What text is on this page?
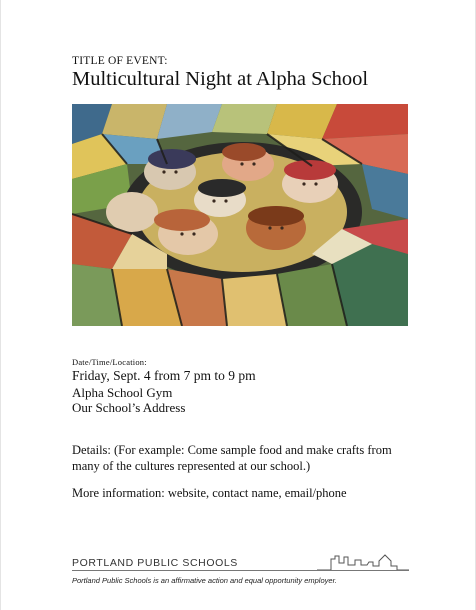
TITLE OF EVENT:
Multicultural Night at Alpha School
Date/Time/Location:
Friday, Sept. 4 from 7 pm to 9 pm
Alpha School Gym
Our School’s Address
Details: (For example: Come sample food and make crafts from many of the cultures represented at our school.)
More information: website, contact name, email/phone
PORTLAND PUBLIC SCHOOLS
Portland Public Schools is an affirmative action and equal opportunity employer.
